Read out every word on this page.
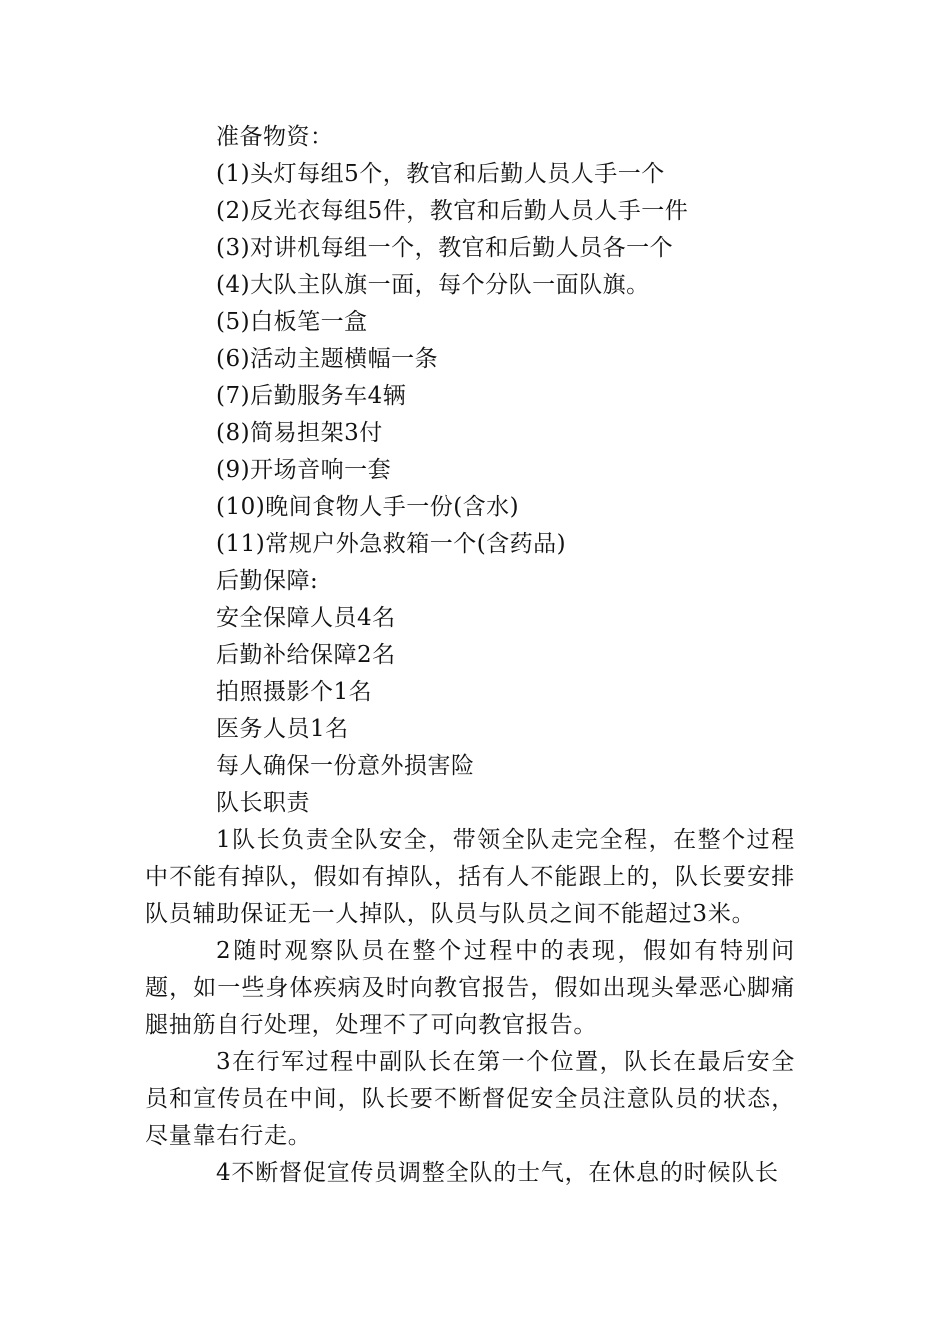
准备物资：
(1)头灯每组5个，教官和后勤人员人手一个
(2)反光衣每组5件，教官和后勤人员人手一件
(3)对讲机每组一个，教官和后勤人员各一个
(4)大队主队旗一面，每个分队一面队旗。
(5)白板笔一盒
(6)活动主题横幅一条
(7)后勤服务车4辆
(8)简易担架3付
(9)开场音响一套
(10)晚间食物人手一份(含水)
(11)常规户外急救箱一个(含药品)
后勤保障:
安全保障人员4名
后勤补给保障2名
拍照摄影个1名
医务人员1名
每人确保一份意外损害险
队长职责

1队长负责全队安全，带领全队走完全程，在整个过程中不能有掉队，假如有掉队，括有人不能跟上的，队长要安排队员辅助保证无一人掉队，队员与队员之间不能超过3米。

2随时观察队员在整个过程中的表现，假如有特别问题，如一些身体疾病及时向教官报告，假如出现头晕恶心脚痛腿抽筋自行处理，处理不了可向教官报告。

3在行军过程中副队长在第一个位置，队长在最后安全员和宣传员在中间，队长要不断督促安全员注意队员的状态，尽量靠右行走。

4不断督促宣传员调整全队的士气，在休息的时候队长
